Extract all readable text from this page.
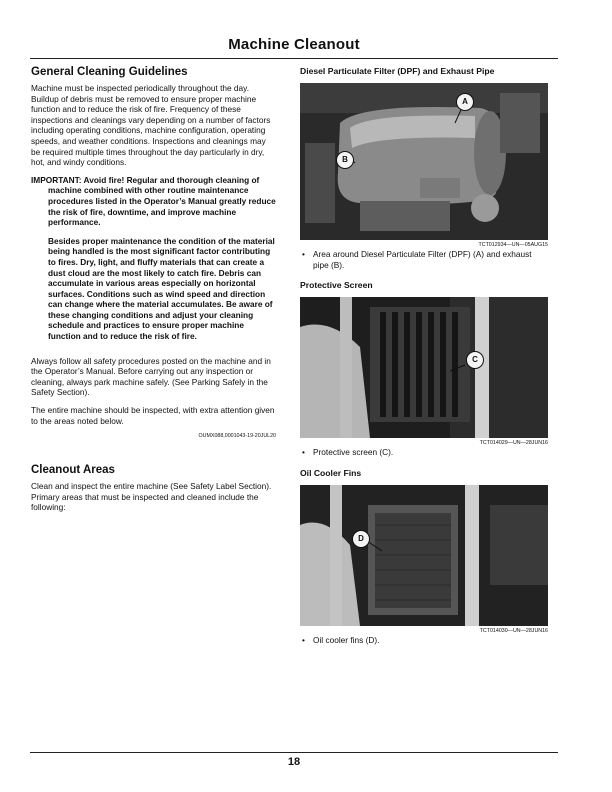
Machine Cleanout
General Cleaning Guidelines

Machine must be inspected periodically throughout the day. Buildup of debris must be removed to ensure proper machine function and to reduce the risk of fire. Frequency of these inspections and cleanings vary depending on a number of factors including operating conditions, machine configuration, operating speeds, and weather conditions. Inspections and cleanings may be required multiple times throughout the day particularly in dry, hot, and windy conditions.

IMPORTANT: Avoid fire! Regular and thorough cleaning of machine combined with other routine maintenance procedures listed in the Operator’s Manual greatly reduce the risk of fire, downtime, and improve machine performance.
Besides proper maintenance the condition of the material being handled is the most significant factor contributing to fires. Dry, light, and fluffy materials that can create a dust cloud are the most likely to catch fire. Debris can accumulate in various areas especially on horizontal surfaces. Conditions such as wind speed and direction can change where the material accumulates. Be aware of these changing conditions and adjust your cleaning schedule and practices to ensure proper machine function and to reduce the risk of fire.

Always follow all safety procedures posted on the machine and in the Operator’s Manual. Before carrying out any inspection or cleaning, always park machine safely. (See Parking Safely in the Safety Section).

The entire machine should be inspected, with extra attention given to the areas noted below.

OUMX088,0001043-19-20JUL20
Cleanout Areas

Clean and inspect the entire machine (See Safety Label Section). Primary areas that must be inspected and cleaned include the following:

Diesel Particulate Filter (DPF) and Exhaust Pipe
A
B
TCT012934—UN—05AUG15
• Area around Diesel Particulate Filter (DPF) (A) and exhaust pipe (B).
Protective Screen
C
TCT014029—UN—28JUN16
• Protective screen (C).
Oil Cooler Fins
D
TCT014030—UN—28JUN16
• Oil cooler fins (D).
18
